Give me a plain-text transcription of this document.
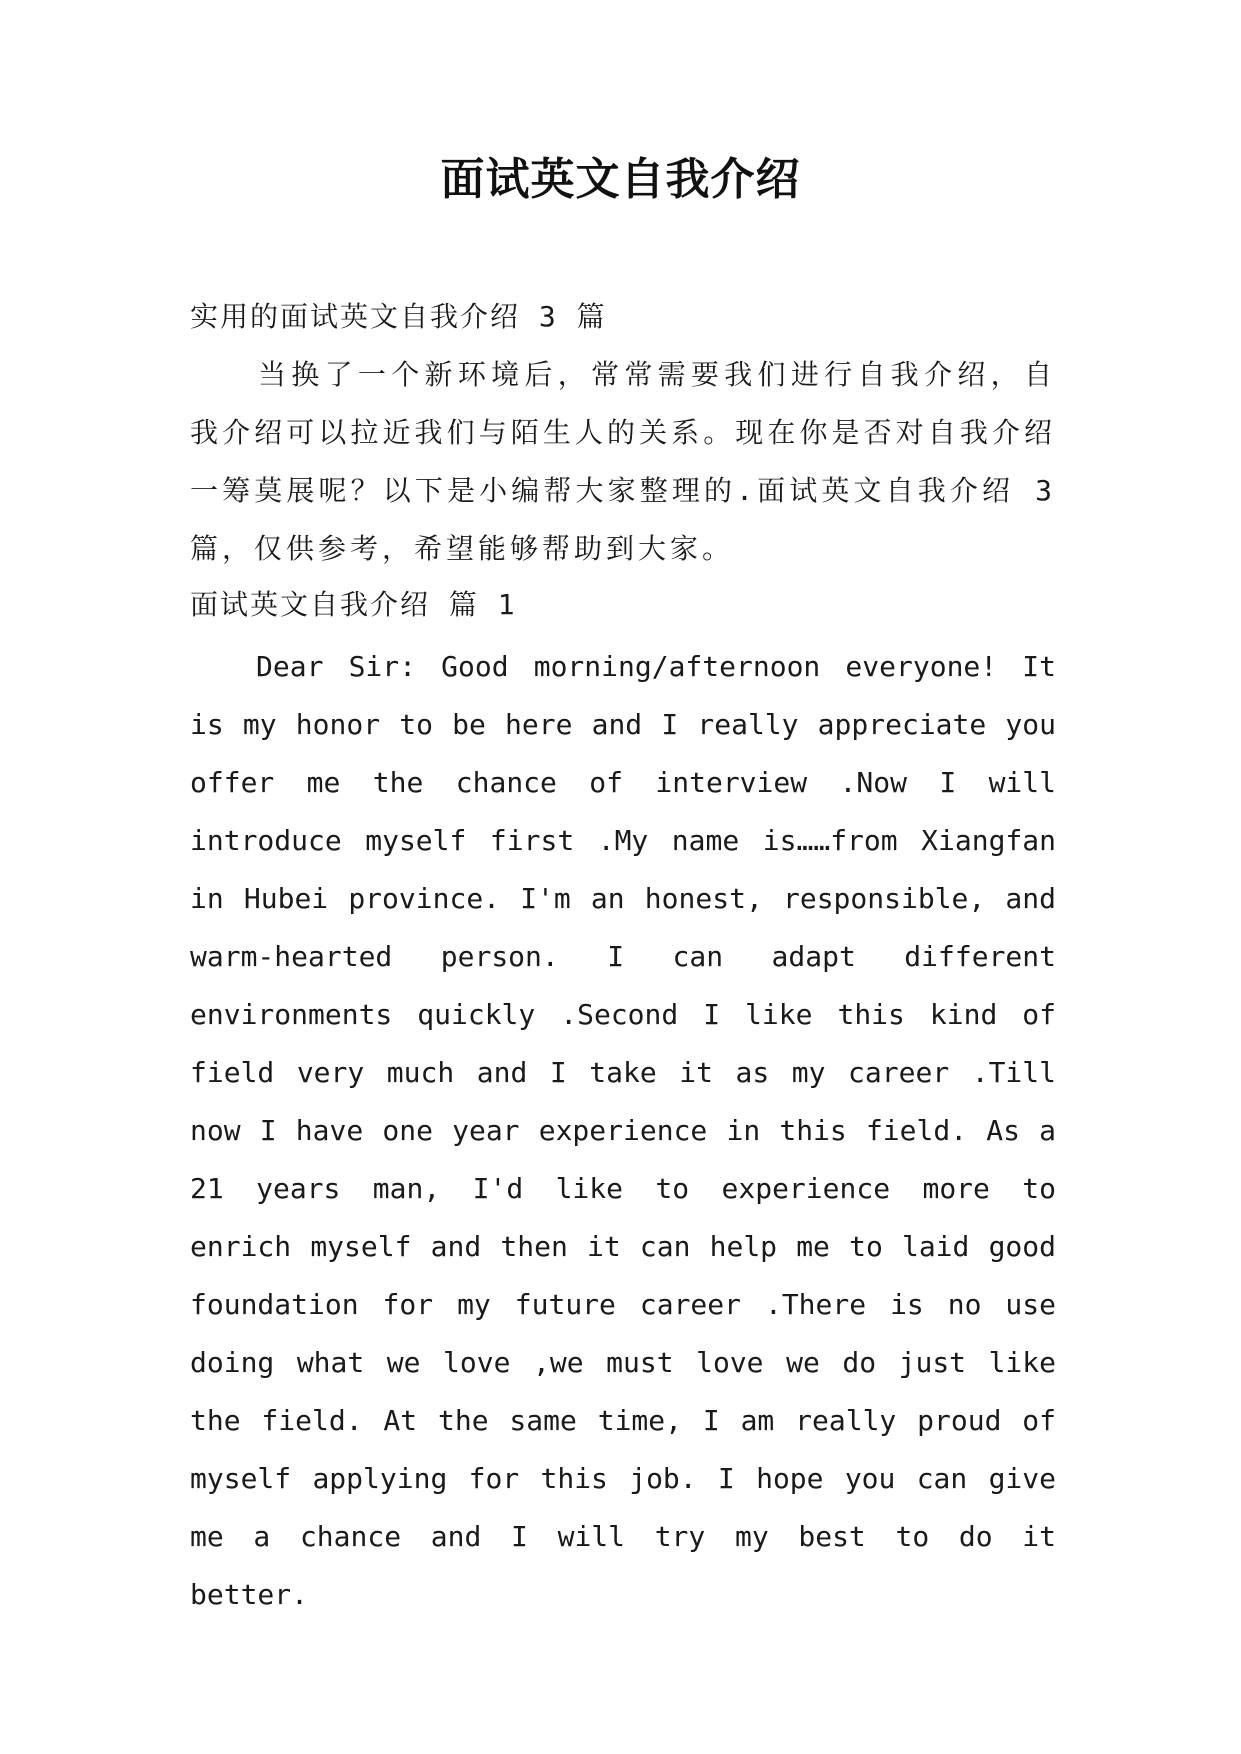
面试英文自我介绍
实用的面试英文自我介绍 3 篇
当换了一个新环境后，常常需要我们进行自我介绍，自我介绍可以拉近我们与陌生人的关系。现在你是否对自我介绍一筹莫展呢？以下是小编帮大家整理的.面试英文自我介绍 3 篇，仅供参考，希望能够帮助到大家。
面试英文自我介绍 篇 1
Dear Sir: Good morning/afternoon everyone! It is my honor to be here and I really appreciate you offer me the chance of interview .Now I will introduce myself first .My name is……from Xiangfan in Hubei province. I'm an honest, responsible, and warm-hearted person. I can adapt different environments quickly .Second I like this kind of field very much and I take it as my career .Till now I have one year experience in this field. As a 21 years man, I'd like to experience more to enrich myself and then it can help me to laid good foundation for my future career .There is no use doing what we love ,we must love we do just like the field. At the same time, I am really proud of myself applying for this job. I hope you can give me a chance and I will try my best to do it better.
